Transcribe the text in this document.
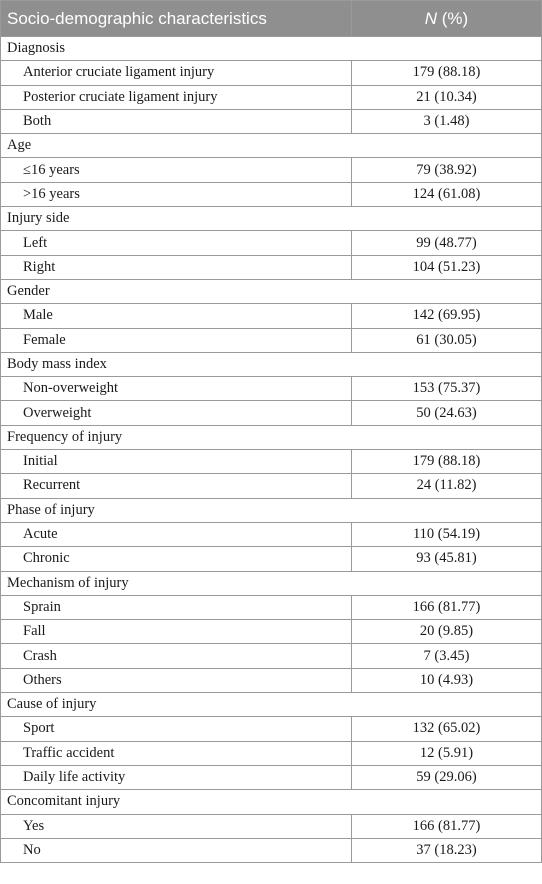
Socio-demographic characteristics	N (%)
Diagnosis	
Anterior cruciate ligament injury	179 (88.18)
Posterior cruciate ligament injury	21 (10.34)
Both	3 (1.48)
Age	
≤16 years	79 (38.92)
>16 years	124 (61.08)
Injury side	
Left	99 (48.77)
Right	104 (51.23)
Gender	
Male	142 (69.95)
Female	61 (30.05)
Body mass index	
Non-overweight	153 (75.37)
Overweight	50 (24.63)
Frequency of injury	
Initial	179 (88.18)
Recurrent	24 (11.82)
Phase of injury	
Acute	110 (54.19)
Chronic	93 (45.81)
Mechanism of injury	
Sprain	166 (81.77)
Fall	20 (9.85)
Crash	7 (3.45)
Others	10 (4.93)
Cause of injury	
Sport	132 (65.02)
Traffic accident	12 (5.91)
Daily life activity	59 (29.06)
Concomitant injury	
Yes	166 (81.77)
No	37 (18.23)
